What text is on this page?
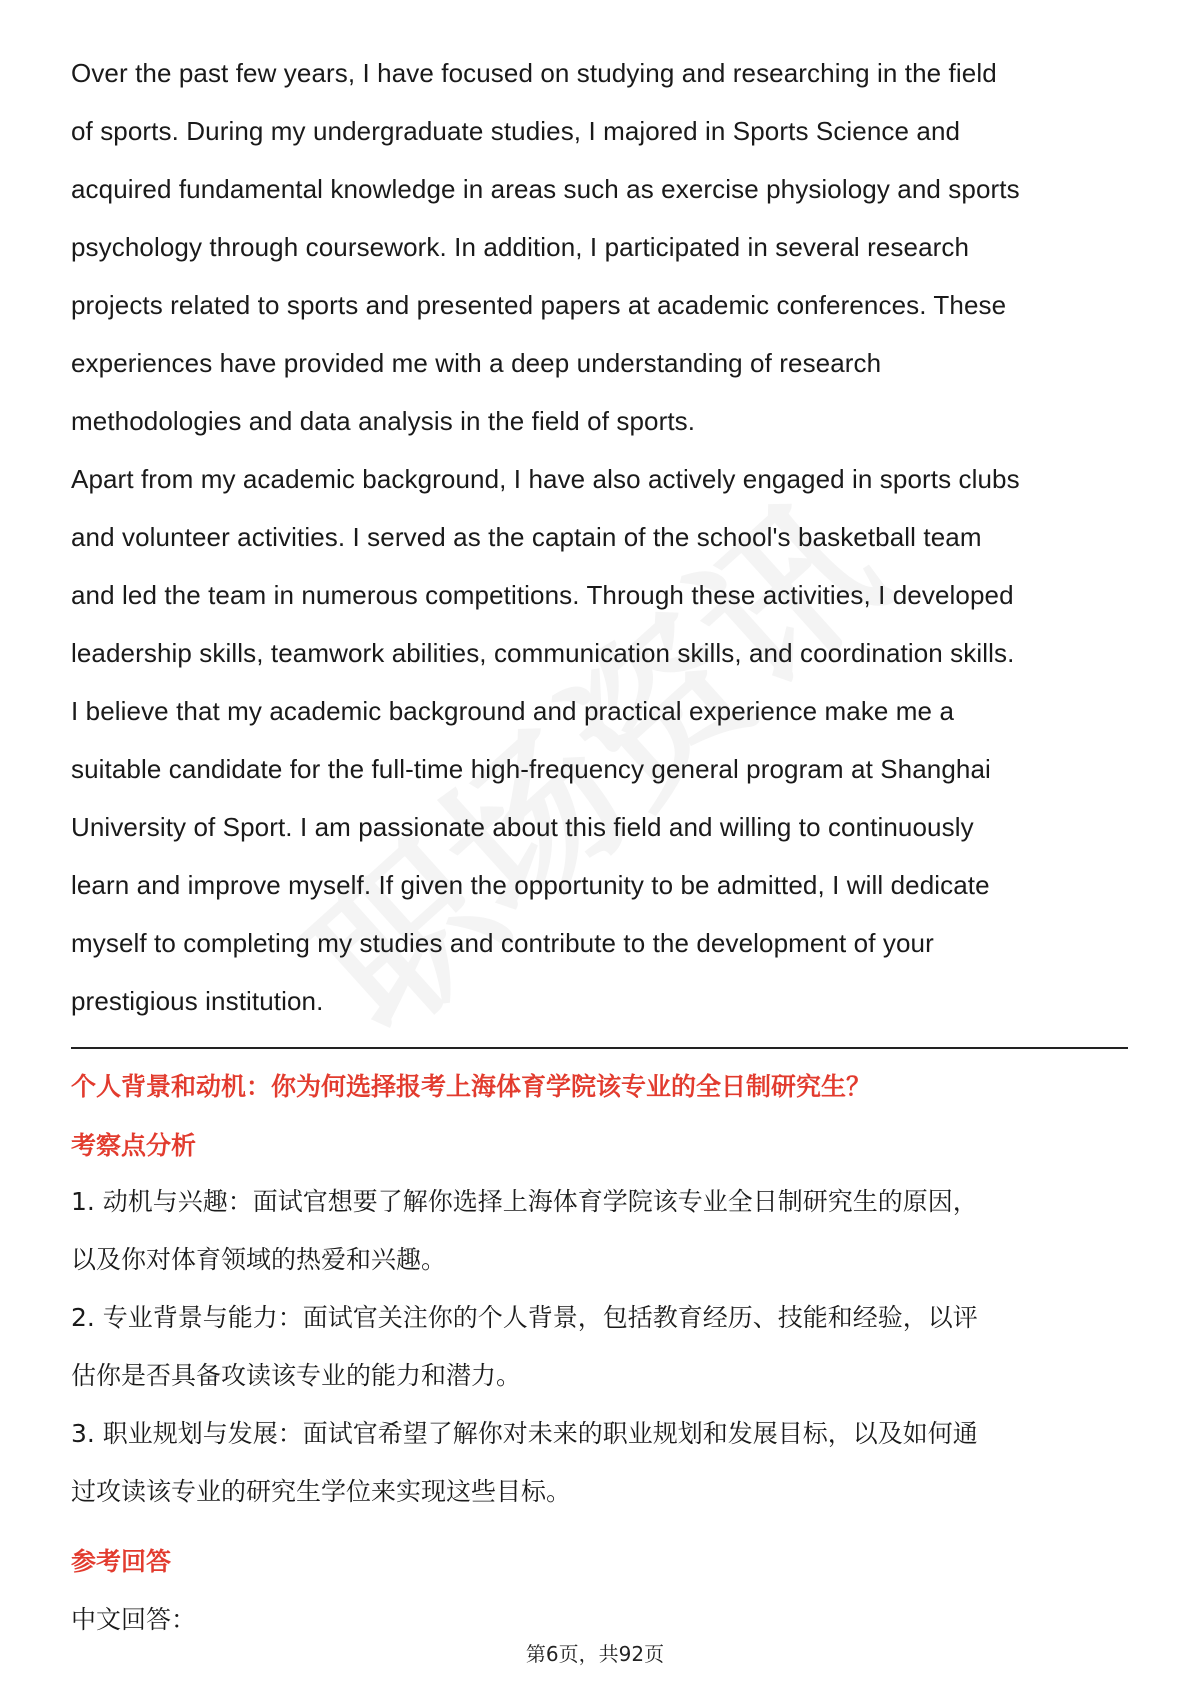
Over the past few years, I have focused on studying and researching in the field
of sports. During my undergraduate studies, I majored in Sports Science and
acquired fundamental knowledge in areas such as exercise physiology and sports
psychology through coursework. In addition, I participated in several research
projects related to sports and presented papers at academic conferences. These
experiences have provided me with a deep understanding of research
methodologies and data analysis in the field of sports.

Apart from my academic background, I have also actively engaged in sports clubs
and volunteer activities. I served as the captain of the school's basketball team
and led the team in numerous competitions. Through these activities, I developed
leadership skills, teamwork abilities, communication skills, and coordination skills.
I believe that my academic background and practical experience make me a
suitable candidate for the full-time high-frequency general program at Shanghai
University of Sport. I am passionate about this field and willing to continuously
learn and improve myself. If given the opportunity to be admitted, I will dedicate
myself to completing my studies and contribute to the development of your
prestigious institution.

个人背景和动机：你为何选择报考上海体育学院该专业的全日制研究生？
考察点分析
1. 动机与兴趣：面试官想要了解你选择上海体育学院该专业全日制研究生的原因，
以及你对体育领域的热爱和兴趣。
2. 专业背景与能力：面试官关注你的个人背景，包括教育经历、技能和经验，以评
估你是否具备攻读该专业的能力和潜力。
3. 职业规划与发展：面试官希望了解你对未来的职业规划和发展目标，以及如何通
过攻读该专业的研究生学位来实现这些目标。
参考回答
中文回答：
第6页，共92页
